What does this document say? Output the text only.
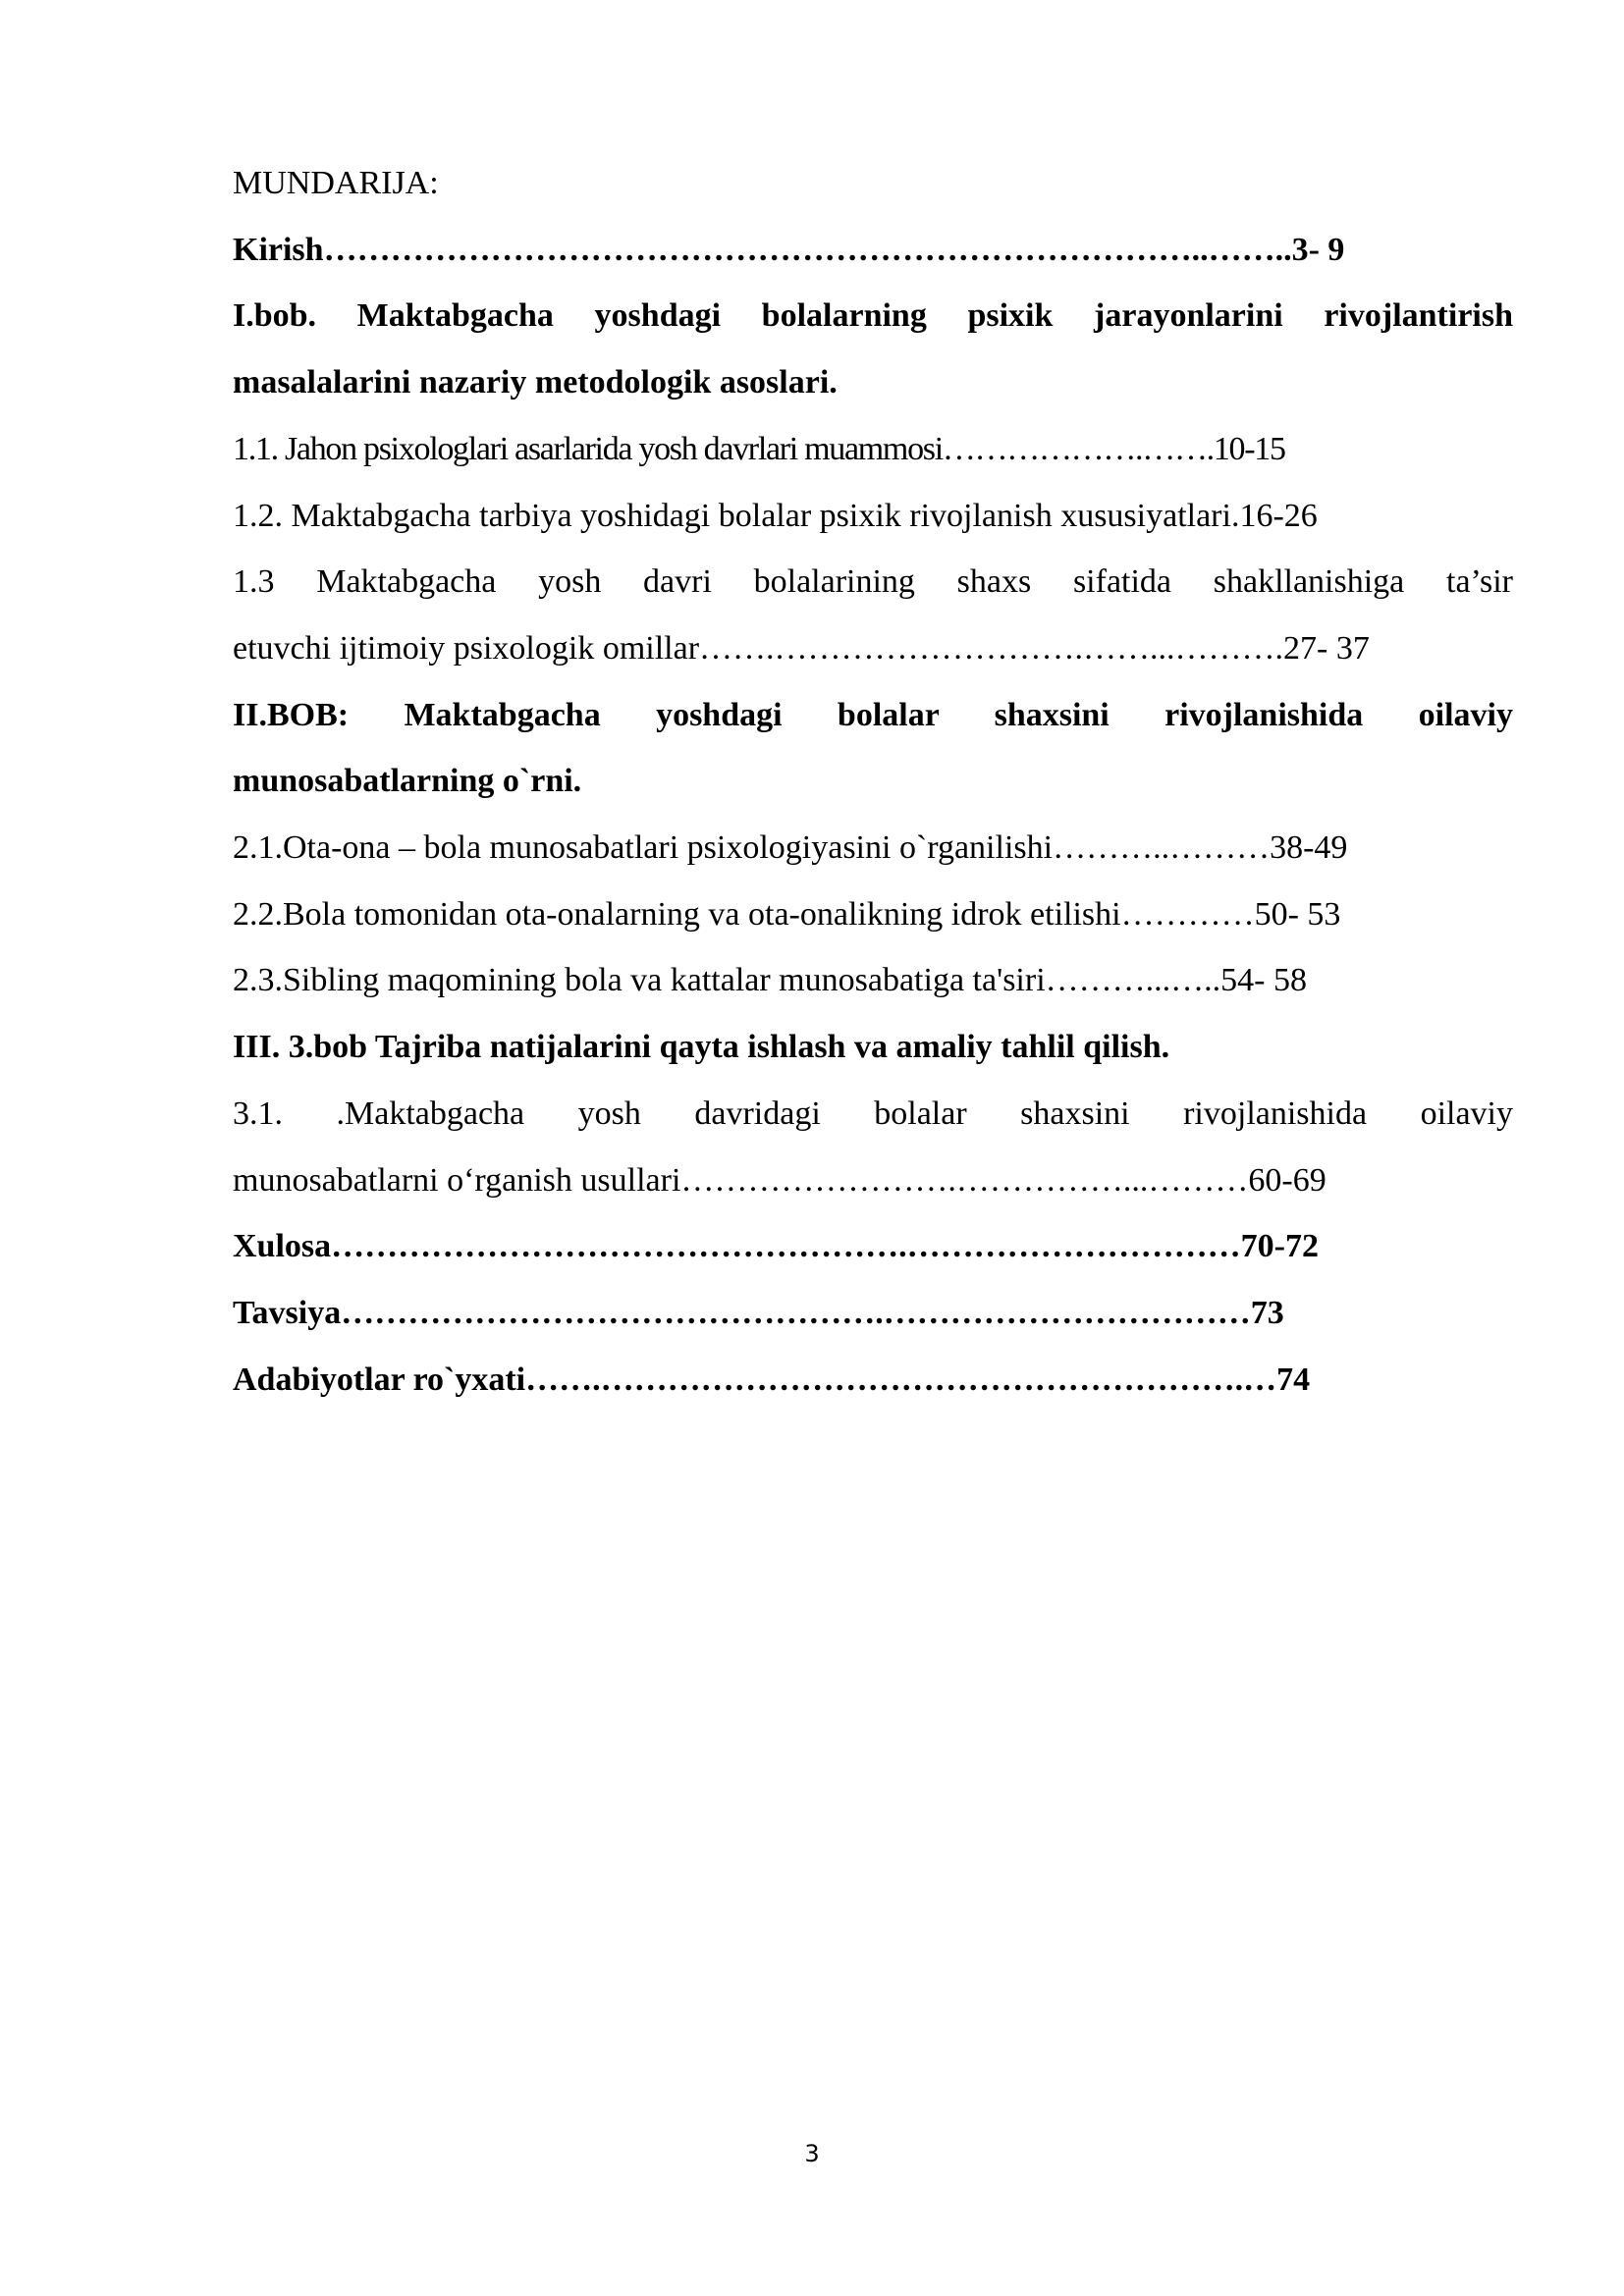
MUNDARIJA:
Kirish……………………………………………………………………..……..3- 9
I.bob. Maktabgacha yoshdagi bolalarning psixik jarayonlarini rivojlantirish
masalalarini nazariy metodologik asoslari.
1.1. Jahon psixologlari asarlarida yosh davrlari muammosi……………….…….10-15
1.2. Maktabgacha tarbiya yoshidagi bolalar psixik rivojlanish xususiyatlari.16-26
1.3 Maktabgacha yosh davri bolalarining shaxs sifatida shakllanishiga ta’sir
etuvchi ijtimoiy psixologik omillar…….……………………….……...……….27- 37
II.BOB: Maktabgacha yoshdagi bolalar shaxsini rivojlanishida oilaviy
munosabatlarning o`rni.
2.1.Ota-ona – bola munosabatlari psixologiyasini o`rganilishi………..………38-49
2.2.Bola tomonidan ota-onalarning va ota-onalikning idrok etilishi…………50- 53
2.3.Sibling maqomining bola va kattalar munosabatiga ta'siri………...…..54- 58
III. 3.bob Tajriba natijalarini qayta ishlash va amaliy tahlil qilish.
3.1. .Maktabgacha yosh davridagi bolalar shaxsini rivojlanishida oilaviy
munosabatlarni o‘rganish usullari…………………….……………...………60-69
Xulosa…………………………………………….…………………………70-72
Tavsiya………………………………………….……………………………73
Adabiyotlar ro`yxati…….………………………………………………….…74
3
